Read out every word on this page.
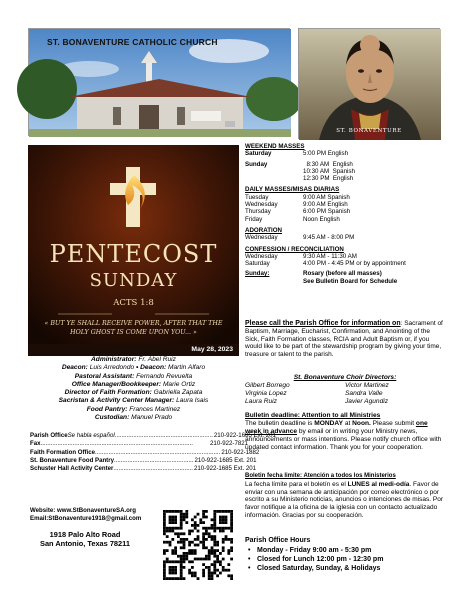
ST. BONAVENTURE CATHOLIC CHURCH
ST. BONAVENTURE
PENTECOST
SUNDAY
ACTS 1:8
« BUT YE SHALL RECEIVE POWER, AFTER THAT THE
HOLY GHOST IS COME UPON YOU... »
May 28, 2023
Administrator: Fr. Abel Ruiz
Deacon: Luis Arredondo • Deacon: Martin Alfaro
Pastoral Assistant: Fernando Revuelta
Office Manager/Bookkeeper: Marie Ortiz
Director of Faith Formation: Gabriella Zapata
Sacristan & Activity Center Manager: Laura Isais
Food Pantry: Frances Martinez
Custodian: Manuel Prado
Parish Office Se habla español .......................................................... 210-922-1685 Ext. 201
Fax ..........................................................................................	210-922-7821
Faith Formation Office .......................................................................... 210-922-1882
St. Bonaventure Food Pantry ............................................... 210-922-1685 Ext. 201
Schuster Hall Activity Center ............................................... 210-922-1685 Ext. 201
Website: www.StBonaventureSA.org
Email:StBonaventure1918@gmail.com
1918 Palo Alto Road
San Antonio, Texas 78211
WEEKEND MASSES
Saturday	5:00 PM English
Sunday	8:30 AM  English
10:30 AM  Spanish
12:30 PM  English
DAILY MASSES/MISAS DIARIAS
Tuesday	9:00 AM Spanish
Wednesday	9:00 AM English
Thursday	6:00 PM Spanish
Friday	Noon English
ADORATION
Wednesday	9:45 AM - 8:00 PM
CONFESSION / RECONCILIATION
Wednesday	9:30 AM - 11:30 AM
Saturday	4:00 PM - 4:45 PM or by appointment
Sunday:	Rosary (before all masses)
See Bulletin Board for Schedule
Please call the Parish Office for information on: Sacrament of Baptism, Marriage, Eucharist, Confirmation, and Anointing of the Sick, Faith Formation classes, RCIA and Adult Baptism or, if you would like to be part of the stewardship program by giving your time, treasure or talent to the parish.
St. Bonaventure Choir Directors:
Gilbert Borrego	Victor Martinez
Virginia Lopez	Sandra Valle
Laura Ruiz	Javier Agundiz
Bulletin deadline: Attention to all Ministries
The bulletin deadline is MONDAY at Noon. Please submit one week in advance by email or in writing your Ministry news, announcements or mass intentions. Please notify church office with updated contact information. Thank you for your cooperation.
Boletin fecha limite: Atención a todos los Ministerios
La fecha límite para el boletín es el LUNES al medi-odía. Favor de enviar con una semana de anticipación por correo electrónico o por escrito a su Ministerio noticias, anuncios o intenciones de misas. Por favor notifique a la oficina de la iglesia con un contacto actualizado información. Gracias por su cooperación.
Parish Office Hours
• Monday - Friday 9:00 am - 5:30 pm
• Closed for Lunch 12:00 pm - 12:30 pm
• Closed Saturday, Sunday, & Holidays
